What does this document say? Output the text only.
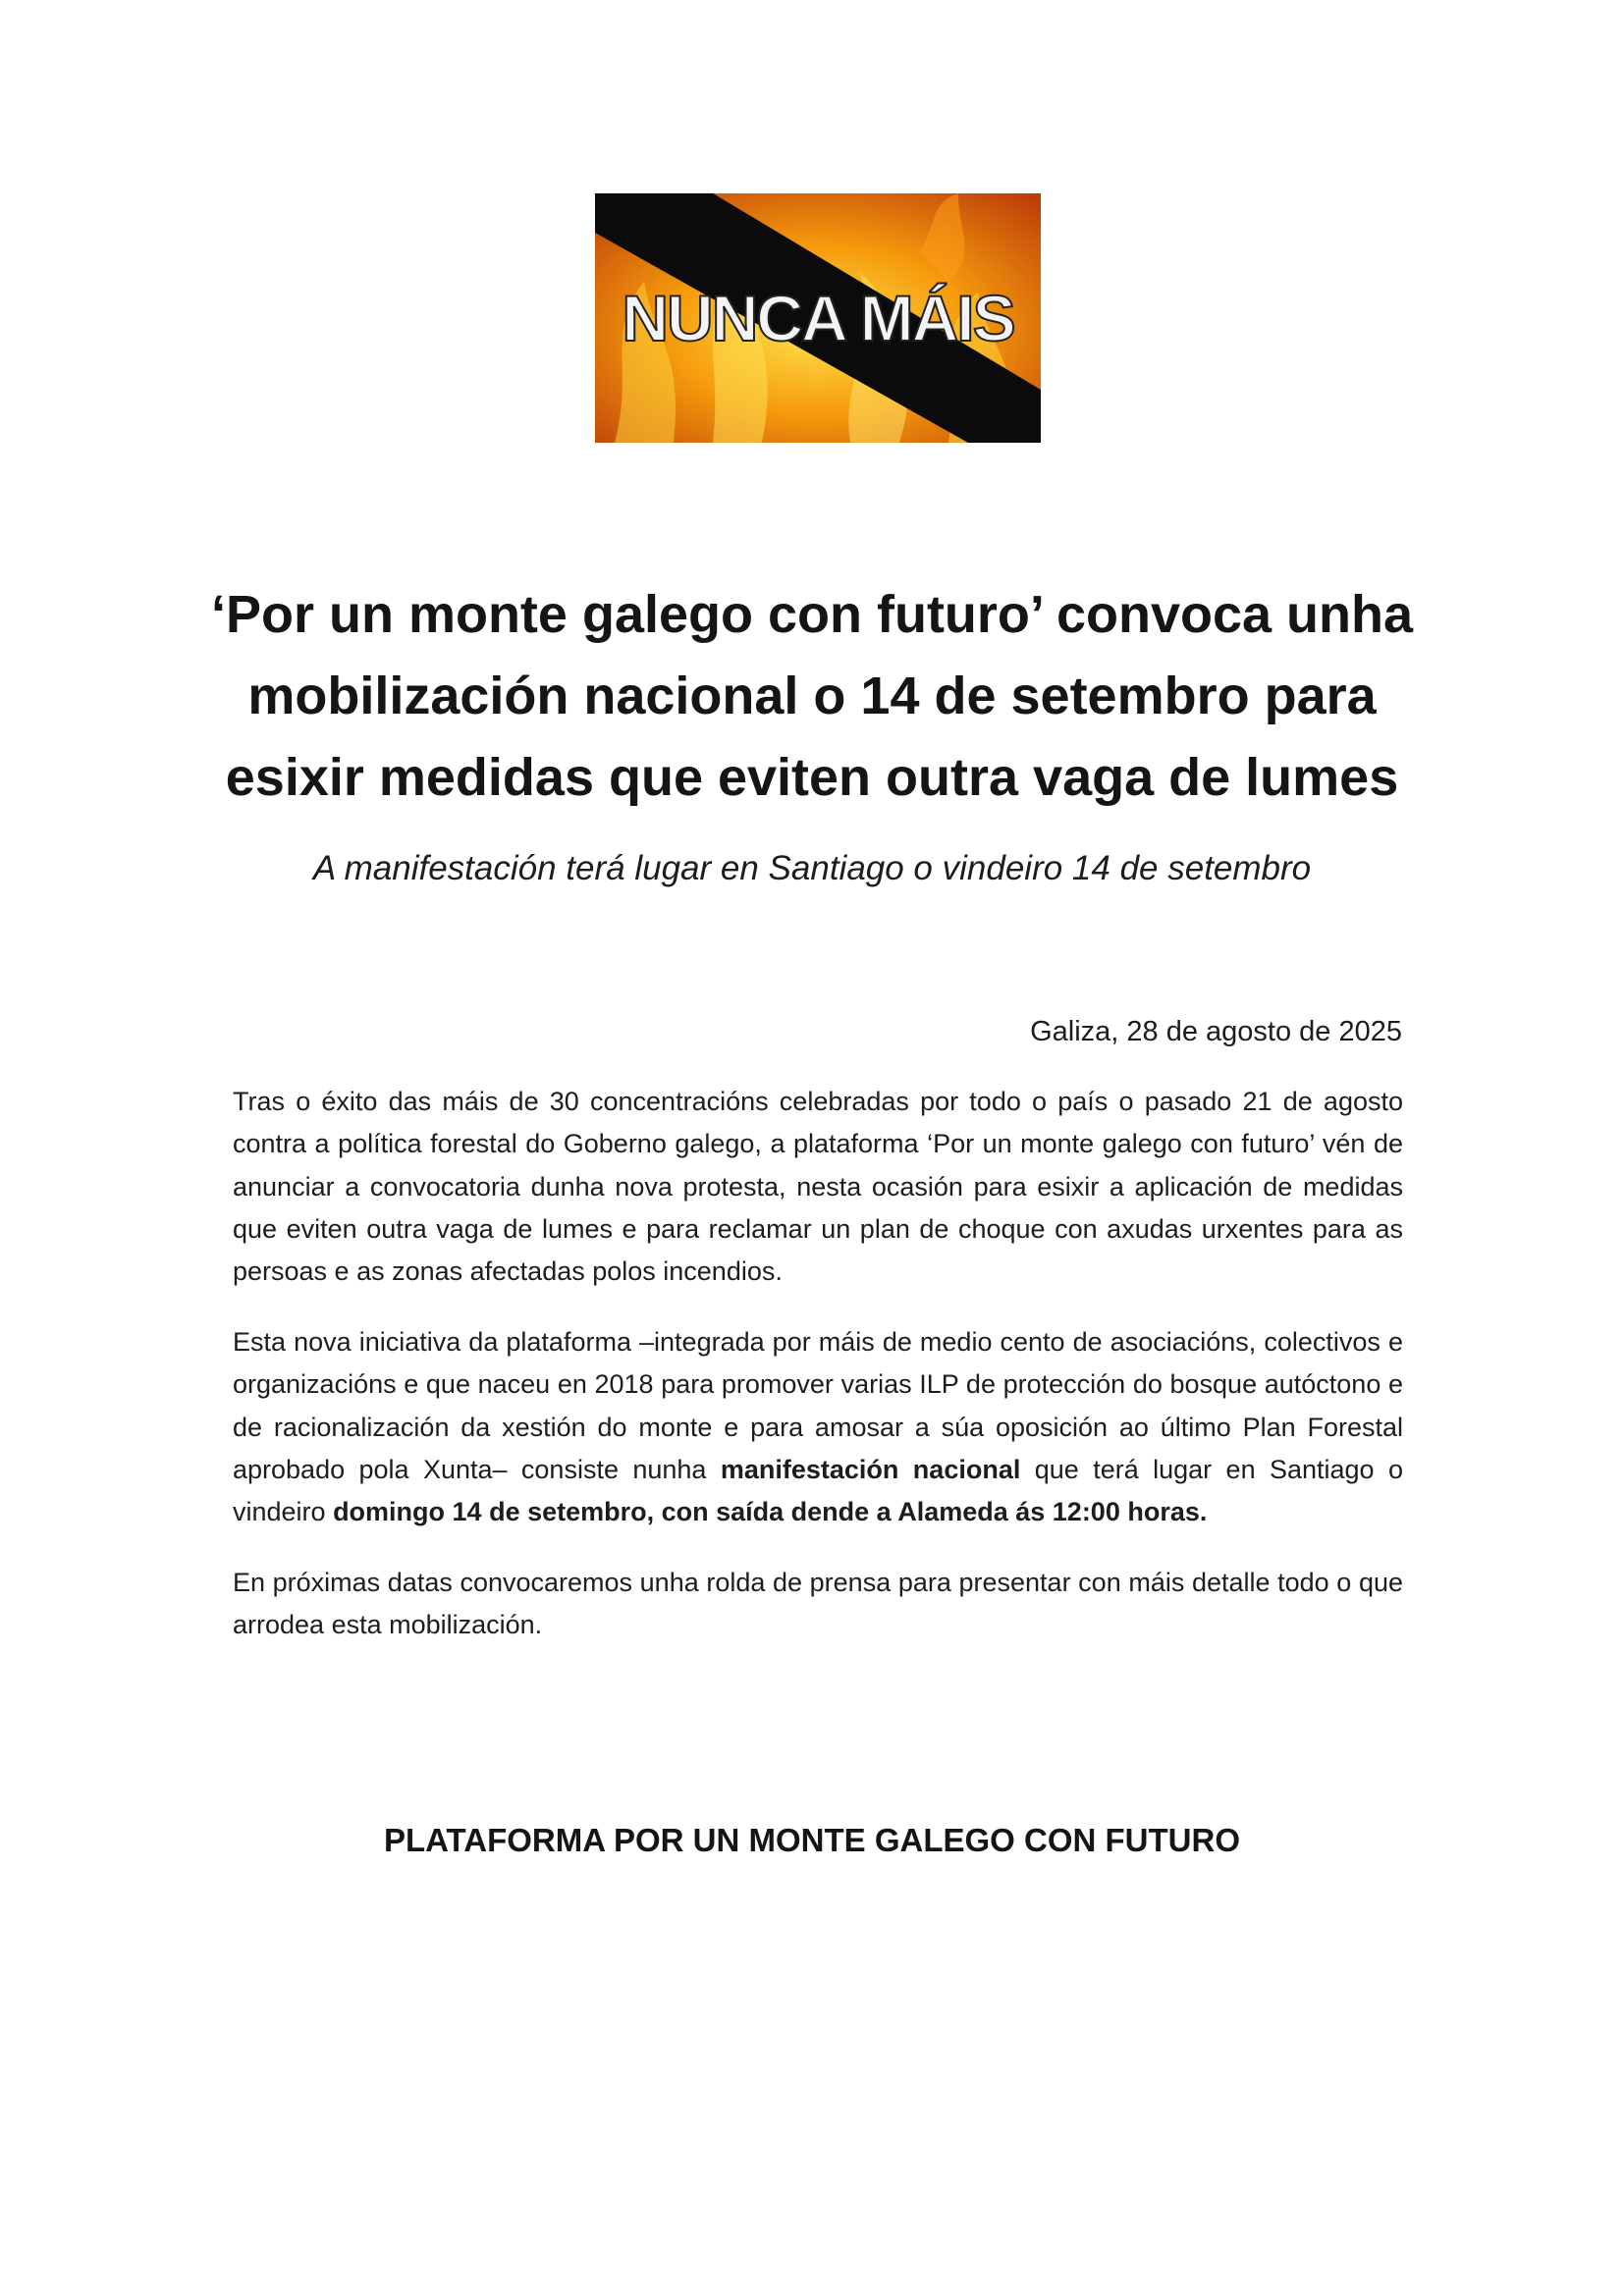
NUNCA MÁIS
‘Por un monte galego con futuro’ convoca unha mobilización nacional o 14 de setembro para esixir medidas que eviten outra vaga de lumes

A manifestación terá lugar en Santiago o vindeiro 14 de setembro

Galiza, 28 de agosto de 2025

Tras o éxito das máis de 30 concentracións celebradas por todo o país o pasado 21 de agosto contra a política forestal do Goberno galego, a plataforma ‘Por un monte galego con futuro’ vén de anunciar a convocatoria dunha nova protesta, nesta ocasión para esixir a aplicación de medidas que eviten outra vaga de lumes e para reclamar un plan de choque con axudas urxentes para as persoas e as zonas afectadas polos incendios.

Esta nova iniciativa da plataforma –integrada por máis de medio cento de asociacións, colectivos e organizacións e que naceu en 2018 para promover varias ILP de protección do bosque autóctono e de racionalización da xestión do monte e para amosar a súa oposición ao último Plan Forestal aprobado pola Xunta– consiste nunha manifestación nacional que terá lugar en Santiago o vindeiro domingo 14 de setembro, con saída dende a Alameda ás 12:00 horas.

En próximas datas convocaremos unha rolda de prensa para presentar con máis detalle todo o que arrodea esta mobilización.

PLATAFORMA POR UN MONTE GALEGO CON FUTURO
